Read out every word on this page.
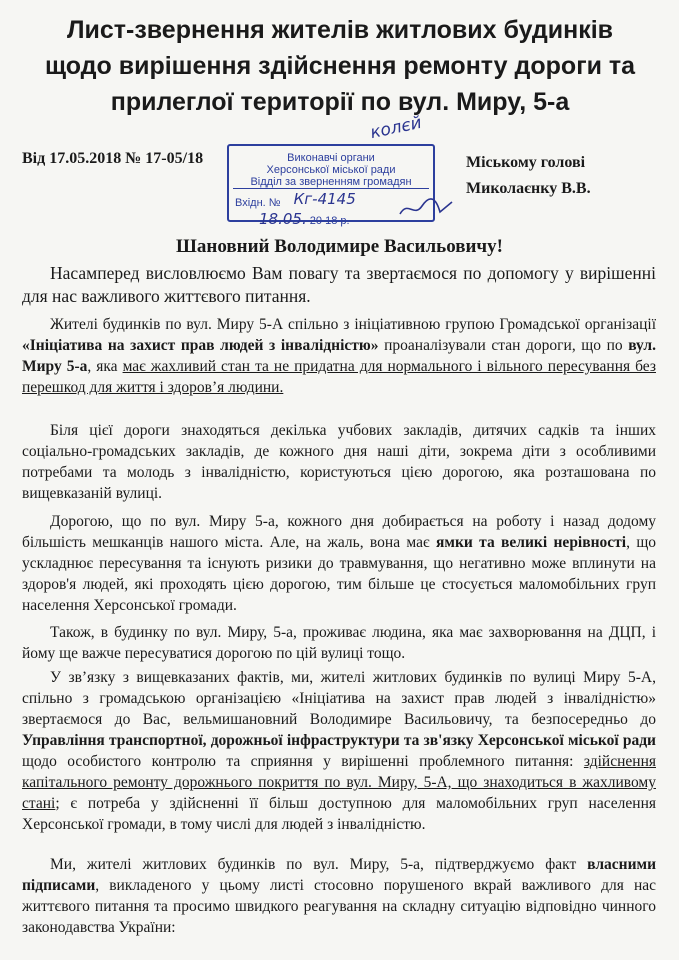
Лист-звернення жителів житлових будинків
щодо вирішення здійснення ремонту дороги та
прилеглої території по вул. Миру, 5-а
Від 17.05.2018 № 17-05/18
колєй
Виконавчі органи
Херсонської міської ради
Відділ за зверненням громадян
Вхідн. № Кг-4145
18.05. 20 18 р.
Міському голові
Миколаєнку В.В.
Шановний Володимире Васильовичу!
Насамперед висловлюємо Вам повагу та звертаємося по допомогу у вирішенні для нас важливого життєвого питання.
Жителі будинків по вул. Миру 5-А спільно з ініціативною групою Громадської організації «Ініціатива на захист прав людей з інвалідністю» проаналізували стан дороги, що по вул. Миру 5-а, яка має жахливий стан та не придатна для нормального і вільного пересування без перешкод для життя і здоров’я людини.
Біля цієї дороги знаходяться декілька учбових закладів, дитячих садків та інших соціально-громадських закладів, де кожного дня наші діти, зокрема діти з особливими потребами та молодь з інвалідністю, користуються цією дорогою, яка розташована по вищевказаній вулиці.
Дорогою, що по вул. Миру 5-а, кожного дня добирається на роботу і назад додому більшість мешканців нашого міста. Але, на жаль, вона має ямки та великі нерівності, що ускладнює пересування та існують ризики до травмування, що негативно може вплинути на здоров'я людей, які проходять цією дорогою, тим більше це стосується маломобільних груп населення Херсонської громади.
Також, в будинку по вул. Миру, 5-а, проживає людина, яка має захворювання на ДЦП, і йому ще важче пересуватися дорогою по цій вулиці тощо.
У зв’язку з вищевказаних фактів, ми, жителі житлових будинків по вулиці Миру 5-А, спільно з громадською організацією «Ініціатива на захист прав людей з інвалідністю» звертаємося до Вас, вельмишановний Володимире Васильовичу, та безпосередньо до Управління транспортної, дорожньої інфраструктури та зв'язку Херсонської міської ради щодо особистого контролю та сприяння у вирішенні проблемного питання: здійснення капітального ремонту дорожнього покриття по вул. Миру, 5-А, що знаходиться в жахливому стані; є потреба у здійсненні її більш доступною для маломобільних груп населення Херсонської громади, в тому числі для людей з інвалідністю.
Ми, жителі житлових будинків по вул. Миру, 5-а, підтверджуємо факт власними підписами, викладеного у цьому листі стосовно порушеного вкрай важливого для нас життєвого питання та просимо швидкого реагування на складну ситуацію відповідно чинного законодавства України:
